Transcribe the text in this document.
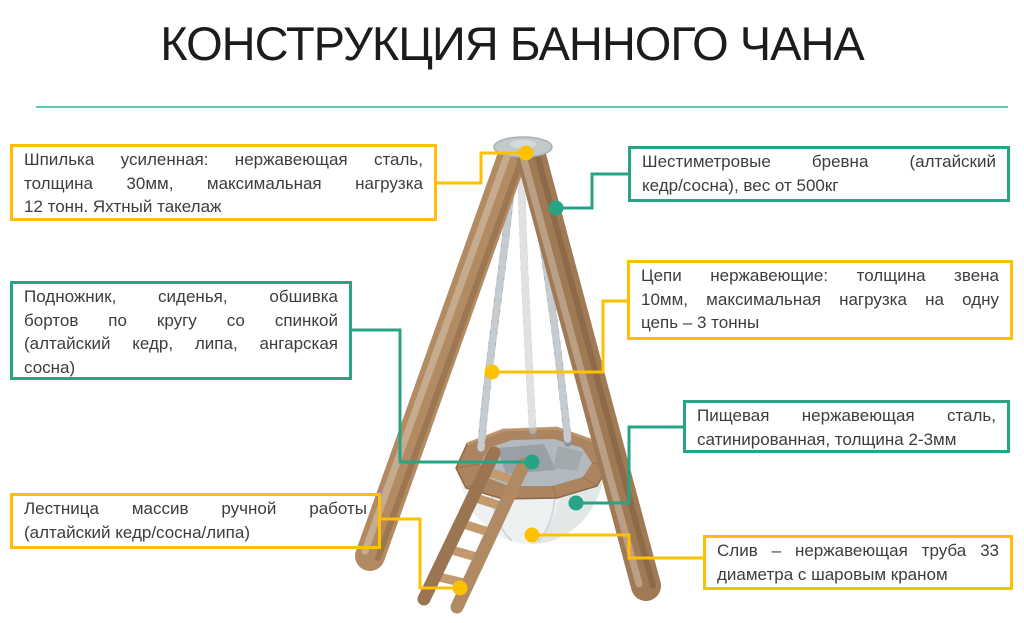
КОНСТРУКЦИЯ БАННОГО ЧАНА
Шпилька усиленная: нержавеющая сталь,
толщина 30мм, максимальная нагрузка
12 тонн. Яхтный такелаж
Шестиметровые бревна (алтайский
кедр/сосна), вес от 500кг
Подножник, сиденья, обшивка
бортов по кругу со спинкой
(алтайский кедр, липа, ангарская
сосна)
Цепи нержавеющие: толщина звена
10мм, максимальная нагрузка на одну
цепь – 3 тонны
Пищевая нержавеющая сталь,
сатинированная, толщина 2-3мм
Лестница массив ручной работы
(алтайский кедр/сосна/липа)
Слив – нержавеющая труба 33
диаметра с шаровым краном
